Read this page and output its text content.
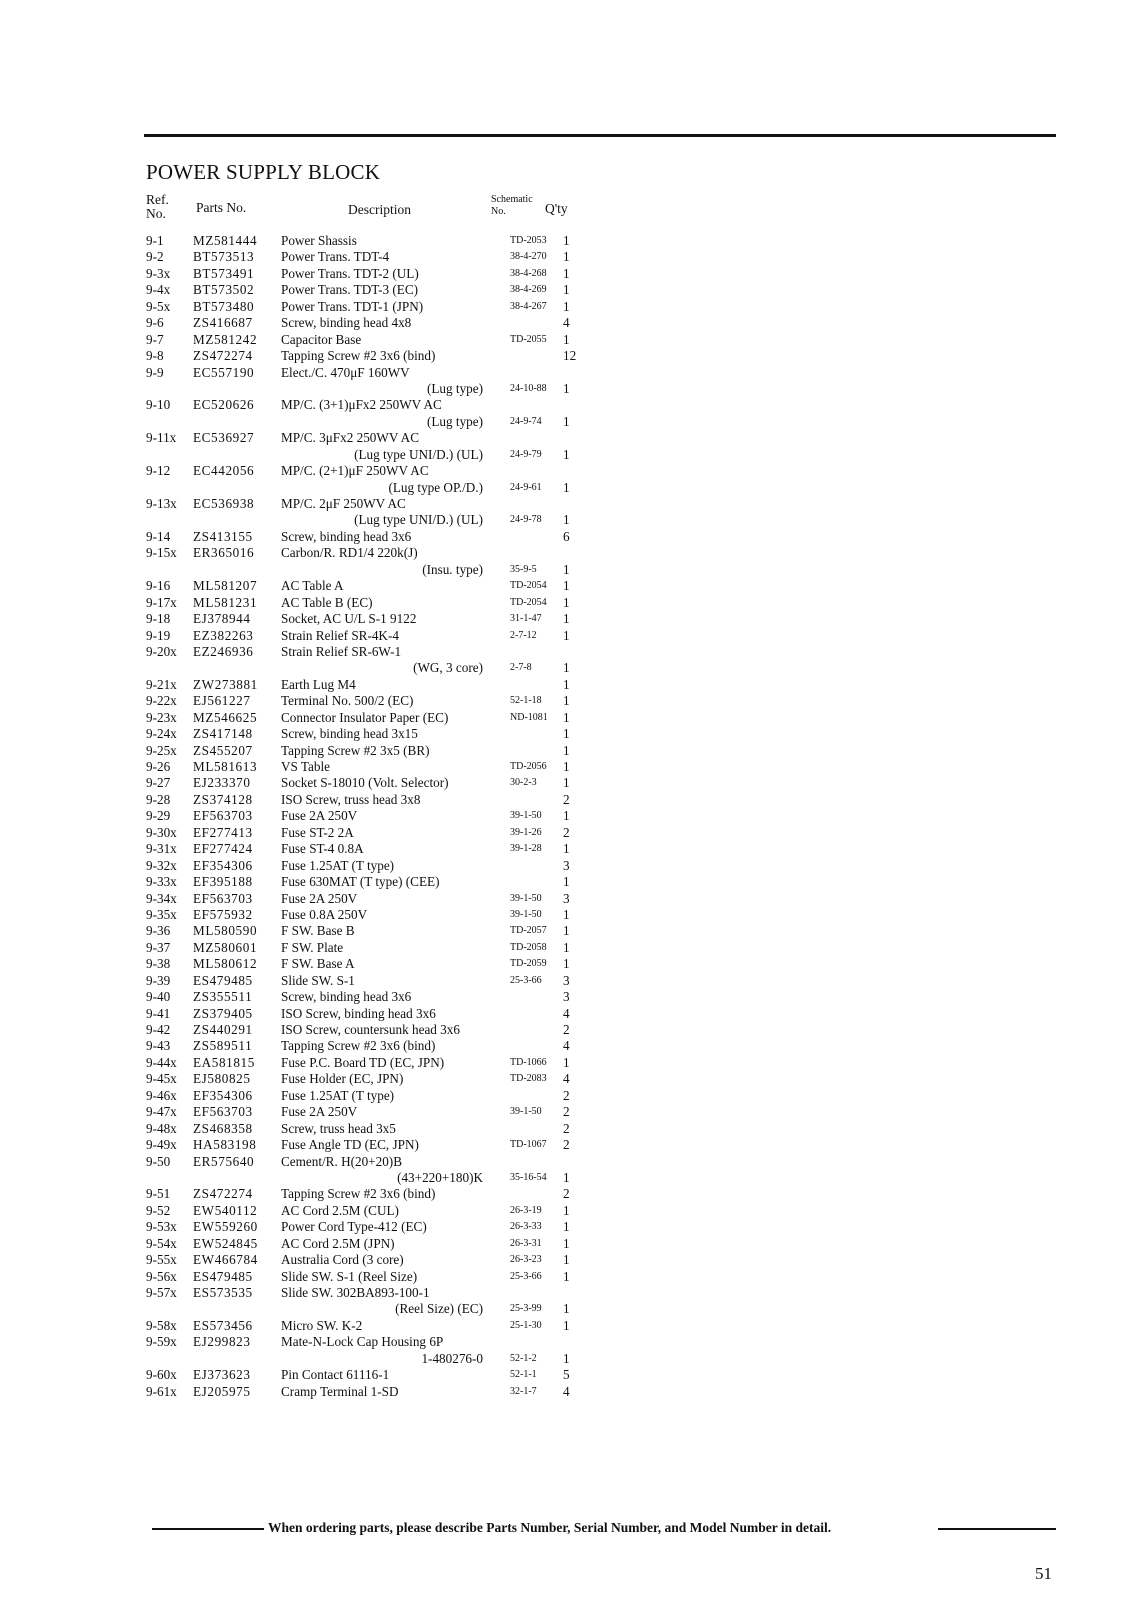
POWER SUPPLY BLOCK
Ref.
No. Parts No.	Description
Schematic
No.	Q'ty
9-1 MZ581444 Power Shassis	TD-2053 1
9-2 BT573513 Power Trans. TDT-4	38-4-270 1
9-3x BT573491 Power Trans. TDT-2 (UL)	38-4-268 1
9-4x BT573502 Power Trans. TDT-3 (EC)	38-4-269 1
9-5x BT573480 Power Trans. TDT-1 (JPN)	38-4-267 1
9-6 ZS416687 Screw, binding head 4x8	4
9-7 MZ581242 Capacitor Base	TD-2055 1
9-8 ZS472274 Tapping Screw #2 3x6 (bind)	12
9-9 EC557190 Elect./C. 470μF 160WV
(Lug type)	24-10-88 1
9-10 EC520626 MP/C. (3+1)μFx2 250WV AC
(Lug type)	24-9-74 1
9-11x EC536927 MP/C. 3μFx2 250WV AC
(Lug type UNI/D.) (UL)	24-9-79 1
9-12 EC442056 MP/C. (2+1)μF 250WV AC
(Lug type OP./D.)	24-9-61 1
9-13x EC536938 MP/C. 2μF 250WV AC
(Lug type UNI/D.) (UL)	24-9-78 1
9-14 ZS413155 Screw, binding head 3x6	6
9-15x ER365016 Carbon/R. RD1/4 220k(J)
(Insu. type)	35-9-5 1
9-16 ML581207 AC Table A	TD-2054 1
9-17x ML581231 AC Table B (EC)	TD-2054 1
9-18 EJ378944 Socket, AC U/L S-1 9122	31-1-47 1
9-19 EZ382263 Strain Relief SR-4K-4	2-7-12 1
9-20x EZ246936 Strain Relief SR-6W-1
(WG, 3 core)	2-7-8 1
9-21x ZW273881 Earth Lug M4	1
9-22x EJ561227 Terminal No. 500/2 (EC)	52-1-18 1
9-23x MZ546625 Connector Insulator Paper (EC)	ND-1081 1
9-24x ZS417148 Screw, binding head 3x15	1
9-25x ZS455207 Tapping Screw #2 3x5 (BR)	1
9-26 ML581613 VS Table	TD-2056 1
9-27 EJ233370 Socket S-18010 (Volt. Selector)	30-2-3 1
9-28 ZS374128 ISO Screw, truss head 3x8	2
9-29 EF563703 Fuse 2A 250V	39-1-50 1
9-30x EF277413 Fuse ST-2 2A	39-1-26 2
9-31x EF277424 Fuse ST-4 0.8A	39-1-28 1
9-32x EF354306 Fuse 1.25AT (T type)	3
9-33x EF395188 Fuse 630MAT (T type) (CEE)	1
9-34x EF563703 Fuse 2A 250V	39-1-50 3
9-35x EF575932 Fuse 0.8A 250V	39-1-50 1
9-36 ML580590 F SW. Base B	TD-2057 1
9-37 MZ580601 F SW. Plate	TD-2058 1
9-38 ML580612 F SW. Base A	TD-2059 1
9-39 ES479485 Slide SW. S-1	25-3-66 3
9-40 ZS355511 Screw, binding head 3x6	3
9-41 ZS379405 ISO Screw, binding head 3x6	4
9-42 ZS440291 ISO Screw, countersunk head 3x6	2
9-43 ZS589511 Tapping Screw #2 3x6 (bind)	4
9-44x EA581815 Fuse P.C. Board TD (EC, JPN)	TD-1066 1
9-45x EJ580825 Fuse Holder (EC, JPN)	TD-2083 4
9-46x EF354306 Fuse 1.25AT (T type)	2
9-47x EF563703 Fuse 2A 250V	39-1-50 2
9-48x ZS468358 Screw, truss head 3x5	2
9-49x HA583198 Fuse Angle TD (EC, JPN)	TD-1067 2
9-50 ER575640 Cement/R. H(20+20)B
(43+220+180)K	35-16-54 1
9-51 ZS472274 Tapping Screw #2 3x6 (bind)	2
9-52 EW540112 AC Cord 2.5M (CUL)	26-3-19 1
9-53x EW559260 Power Cord Type-412 (EC)	26-3-33 1
9-54x EW524845 AC Cord 2.5M (JPN)	26-3-31 1
9-55x EW466784 Australia Cord (3 core)	26-3-23 1
9-56x ES479485 Slide SW. S-1 (Reel Size)	25-3-66 1
9-57x ES573535 Slide SW. 302BA893-100-1
(Reel Size) (EC)	25-3-99 1
9-58x ES573456 Micro SW. K-2	25-1-30 1
9-59x EJ299823 Mate-N-Lock Cap Housing 6P
1-480276-0	52-1-2 1
9-60x EJ373623 Pin Contact 61116-1	52-1-1 5
9-61x EJ205975 Cramp Terminal 1-SD	32-1-7 4
When ordering parts, please describe Parts Number, Serial Number, and Model Number in detail.
51
